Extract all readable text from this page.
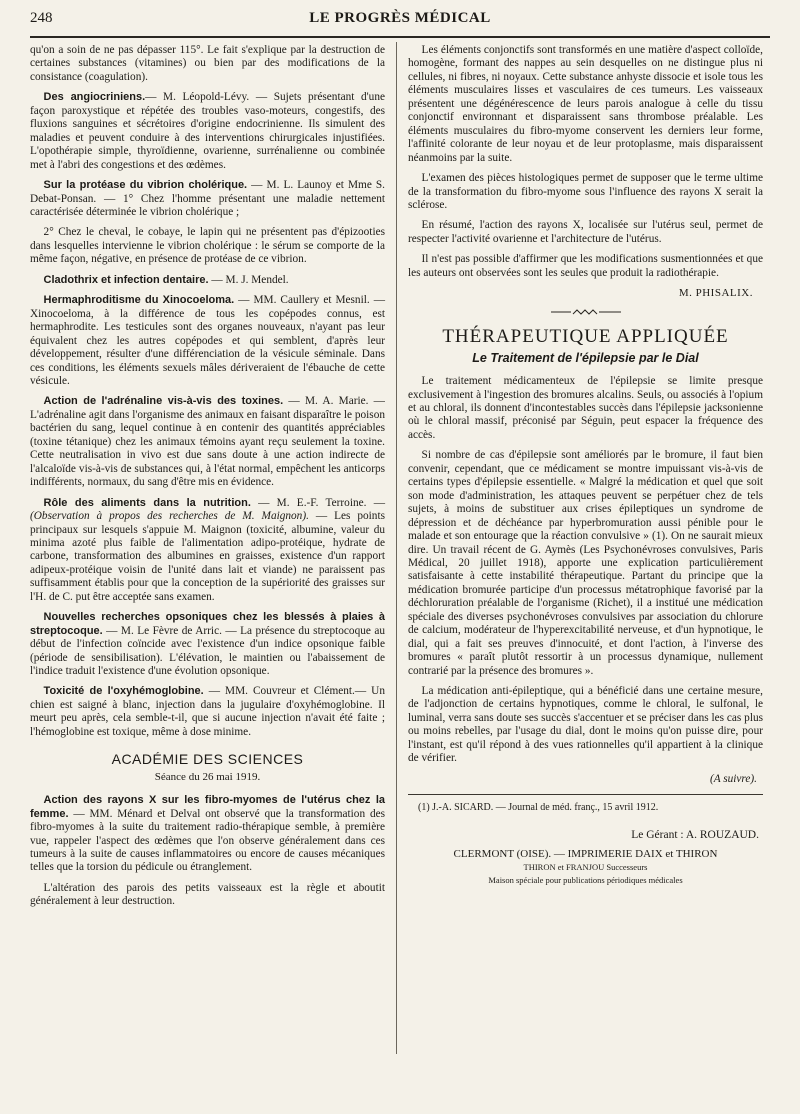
248	LE PROGRÈS MÉDICAL

qu'on a soin de ne pas dépasser 115°. Le fait s'explique par la destruction de certaines substances (vitamines) ou bien par des modifications de la consistance (coagulation).

Des angiocriniens.— M. Léopold-Lévy. — Sujets présentant d'une façon paroxystique et répétée des troubles vaso-moteurs, congestifs, des fluxions sanguines et sécrétoires d'origine endocrinienne. Ils simulent des maladies et peuvent conduire à des interventions chirurgicales injustifiées. L'opothérapie simple, thyroïdienne, ovarienne, surrénalienne ou combinée met à l'abri des congestions et des œdèmes.

Sur la protéase du vibrion cholérique. — M. L. Launoy et Mme S. Debat-Ponsan. — 1° Chez l'homme présentant une maladie nettement caractérisée déterminée le vibrion cholérique ;

2° Chez le cheval, le cobaye, le lapin qui ne présentent pas d'épizooties dans lesquelles intervienne le vibrion cholérique : le sérum se comporte de la même façon, négative, en présence de protéase de ce vibrion.

Cladothrix et infection dentaire. — M. J. Mendel.

Hermaphroditisme du Xinocoeloma. — MM. Caullery et Mesnil. — Xinocoeloma, à la différence de tous les copépodes connus, est hermaphrodite. Les testicules sont des organes nouveaux, n'ayant pas leur équivalent chez les autres copépodes et qui semblent, d'après leur développement, résulter d'une différenciation de la vésicule séminale. Dans ces conditions, les éléments sexuels mâles dériveraient de l'ébauche de cette vésicule.

Action de l'adrénaline vis-à-vis des toxines. — M. A. Marie. — L'adrénaline agit dans l'organisme des animaux en faisant disparaître le poison bactérien du sang, lequel continue à en contenir des quantités appréciables (toxine tétanique) chez les animaux témoins ayant reçu seulement la toxine. Cette neutralisation in vivo est due sans doute à une action indirecte de l'alcaloïde vis-à-vis de substances qui, à l'état normal, empêchent les anticorps indifférents, normaux, du sang d'être mis en évidence.

Rôle des aliments dans la nutrition. — M. E.-F. Terroine. — (Observation à propos des recherches de M. Maignon). — Les points principaux sur lesquels s'appuie M. Maignon (toxicité, albumine, valeur du minima azoté plus faible de l'alimentation adipo-protéique, hydrate de carbone, transformation des albumines en graisses, existence d'un rapport adipeux-protéique voisin de l'unité dans lait et viande) ne paraissent pas suffisamment établis pour que la conception de la supériorité des graisses sur l'H. de C. put être acceptée sans examen.

Nouvelles recherches opsoniques chez les blessés à plaies à streptocoque. — M. Le Fèvre de Arric. — La présence du streptocoque au début de l'infection coïncide avec l'existence d'un indice opsonique faible (période de sensibilisation). L'élévation, le maintien ou l'abaissement de l'indice traduit l'existence d'une évolution opsonique.

Toxicité de l'oxyhémoglobine. — MM. Couvreur et Clément.— Un chien est saigné à blanc, injection dans la jugulaire d'oxyhémoglobine. Il meurt peu après, cela semble-t-il, que si aucune injection n'avait été faite ; l'hémoglobine est toxique, même à dose minime.

ACADÉMIE DES SCIENCES
Séance du 26 mai 1919.

Action des rayons X sur les fibro-myomes de l'utérus chez la femme. — MM. Ménard et Delval ont observé que la transformation des fibro-myomes à la suite du traitement radio-thérapique semble, à première vue, rappeler l'aspect des œdèmes que l'on observe généralement dans ces tumeurs à la suite de causes inflammatoires ou encore de causes mécaniques telles que la torsion du pédicule ou étranglement.

L'altération des parois des petits vaisseaux est la règle et aboutit généralement à leur destruction.

Les éléments conjonctifs sont transformés en une matière d'aspect colloïde, homogène, formant des nappes au sein desquelles on ne distingue plus ni cellules, ni fibres, ni noyaux. Cette substance anhyste dissocie et isole tous les éléments musculaires lisses et vasculaires de ces tumeurs. Les vaisseaux présentent une dégénérescence de leurs parois analogue à celle du tissu conjonctif environnant et disparaissent sans thrombose préalable. Les éléments musculaires du fibro-myome conservent les derniers leur forme, l'affinité colorante de leur noyau et de leur protoplasme, mais disparaissent néanmoins par la suite.

L'examen des pièces histologiques permet de supposer que le terme ultime de la transformation du fibro-myome sous l'influence des rayons X serait la sclérose.

En résumé, l'action des rayons X, localisée sur l'utérus seul, permet de respecter l'activité ovarienne et l'architecture de l'utérus.

Il n'est pas possible d'affirmer que les modifications susmentionnées et que les auteurs ont observées sont les seules que produit la radiothérapie.

M. PHISALIX.
THÉRAPEUTIQUE APPLIQUÉE
Le Traitement de l'épilepsie par le Dial

Le traitement médicamenteux de l'épilepsie se limite presque exclusivement à l'ingestion des bromures alcalins. Seuls, ou associés à l'opium et au chloral, ils donnent d'incontestables succès dans l'épilepsie jacksonienne où le chloral massif, préconisé par Séguin, peut espacer la fréquence des accès.

Si nombre de cas d'épilepsie sont améliorés par le bromure, il faut bien convenir, cependant, que ce médicament se montre impuissant vis-à-vis de certains types d'épilepsie essentielle. « Malgré la médication et quel que soit son mode d'administration, les attaques peuvent se perpétuer chez de tels sujets, à moins de substituer aux crises épileptiques un syndrome de dépression et de déchéance par hyperbromuration aussi pénible pour le malade et son entourage que la réaction convulsive » (1). On ne saurait mieux dire. Un travail récent de G. Aymès (Les Psychonévroses convulsives, Paris Médical, 20 juillet 1918), apporte une explication particulièrement satisfaisante à cette instabilité thérapeutique. Partant du principe que la médication bromurée participe d'un processus métatrophique favorisé par la déchloruration préalable de l'organisme (Richet), il a institué une médication spéciale des diverses psychonévroses convulsives par association du chlorure de calcium, modérateur de l'hyperexcitabilité nerveuse, et d'un hypnotique, le dial, qui a fait ses preuves d'innocuité, et dont l'action, à l'inverse des bromures « paraît plutôt ressortir à un processus dynamique, nullement contrarié par la présence des bromures ».

La médication anti-épileptique, qui a bénéficié dans une certaine mesure, de l'adjonction de certains hypnotiques, comme le chloral, le sulfonal, le luminal, verra sans doute ses succès s'accentuer et se préciser dans les cas plus ou moins rebelles, par l'usage du dial, dont le moins qu'on puisse dire, pour l'instant, est qu'il répond à des vues rationnelles qu'il appartient à la clinique de vérifier.

(A suivre).
(1) J.-A. SICARD. — Journal de méd. franç., 15 avril 1912.
Le Gérant : A. ROUZAUD.
CLERMONT (OISE). — IMPRIMERIE DAIX et THIRON
THIRON et FRANJOU Successeurs
Maison spéciale pour publications périodiques médicales
